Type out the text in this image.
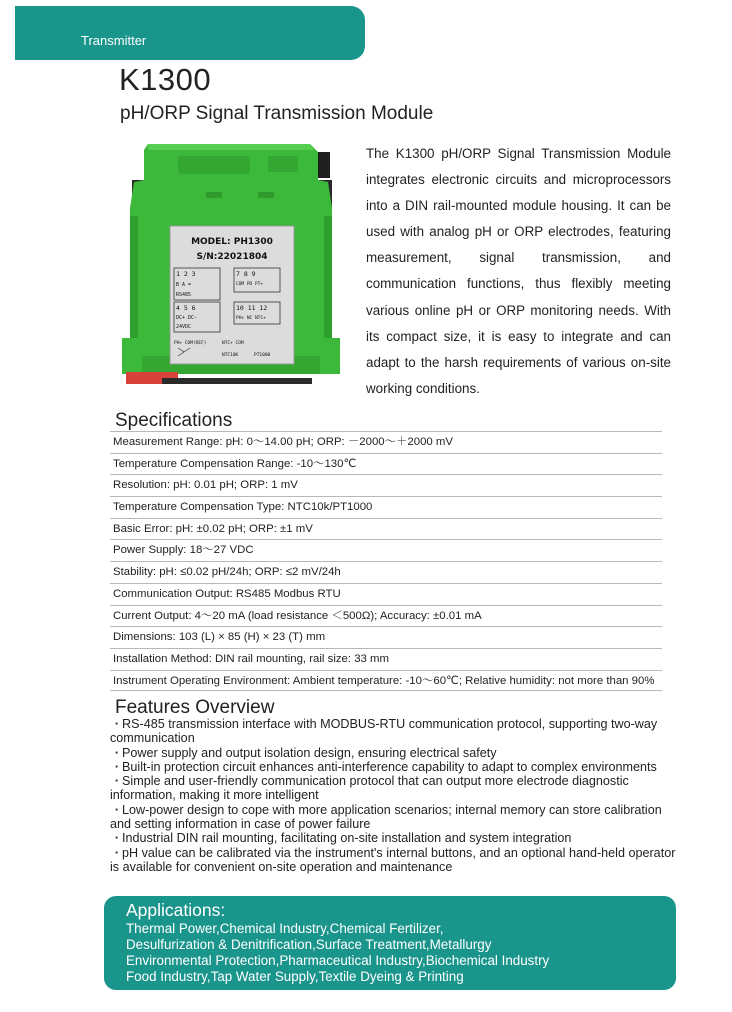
Transmitter
K1300
pH/ORP Signal Transmission Module
MODEL: PH1300
S/N:22021804
1 2 3
B A =
RS485
4 5 6
DC+ DC-
24VDC
7 8 9
COM PD PT+
10 11 12
PH+ NC NTC+
PH+ COM(REF)	NTC+ COM
NTC10K	PT1000
The K1300 pH/ORP Signal Transmission Module integrates electronic circuits and microprocessors into a DIN rail-mounted module housing. It can be used with analog pH or ORP electrodes, featuring measurement, signal transmission, and communication functions, thus flexibly meeting various online pH or ORP monitoring needs. With its compact size, it is easy to integrate and can adapt to the harsh requirements of various on-site working conditions.
Specifications
Measurement Range: pH: 0～14.00 pH; ORP: －2000～＋2000 mV
Temperature Compensation Range: -10～130℃
Resolution: pH: 0.01 pH; ORP: 1 mV
Temperature Compensation Type: NTC10k/PT1000
Basic Error: pH: ±0.02 pH; ORP: ±1 mV
Power Supply: 18～27 VDC
Stability: pH: ≤0.02 pH/24h; ORP: ≤2 mV/24h
Communication Output: RS485 Modbus RTU
Current Output: 4～20 mA (load resistance ＜500Ω); Accuracy: ±0.01 mA
Dimensions: 103 (L) × 85 (H) × 23 (T) mm
Installation Method: DIN rail mounting, rail size: 33 mm
Instrument Operating Environment: Ambient temperature: -10～60℃; Relative humidity: not more than 90%
Features Overview
· RS-485 transmission interface with MODBUS-RTU communication protocol, supporting two-way communication
· Power supply and output isolation design, ensuring electrical safety
· Built-in protection circuit enhances anti-interference capability to adapt to complex environments
· Simple and user-friendly communication protocol that can output more electrode diagnostic information, making it more intelligent
· Low-power design to cope with more application scenarios; internal memory can store calibration and setting information in case of power failure
· Industrial DIN rail mounting, facilitating on-site installation and system integration
· pH value can be calibrated via the instrument's internal buttons, and an optional hand-held operator is available for convenient on-site operation and maintenance
Applications:
Thermal Power,Chemical Industry,Chemical Fertilizer,
Desulfurization & Denitrification,Surface Treatment,Metallurgy
Environmental Protection,Pharmaceutical Industry,Biochemical Industry
Food Industry,Tap Water Supply,Textile Dyeing & Printing
